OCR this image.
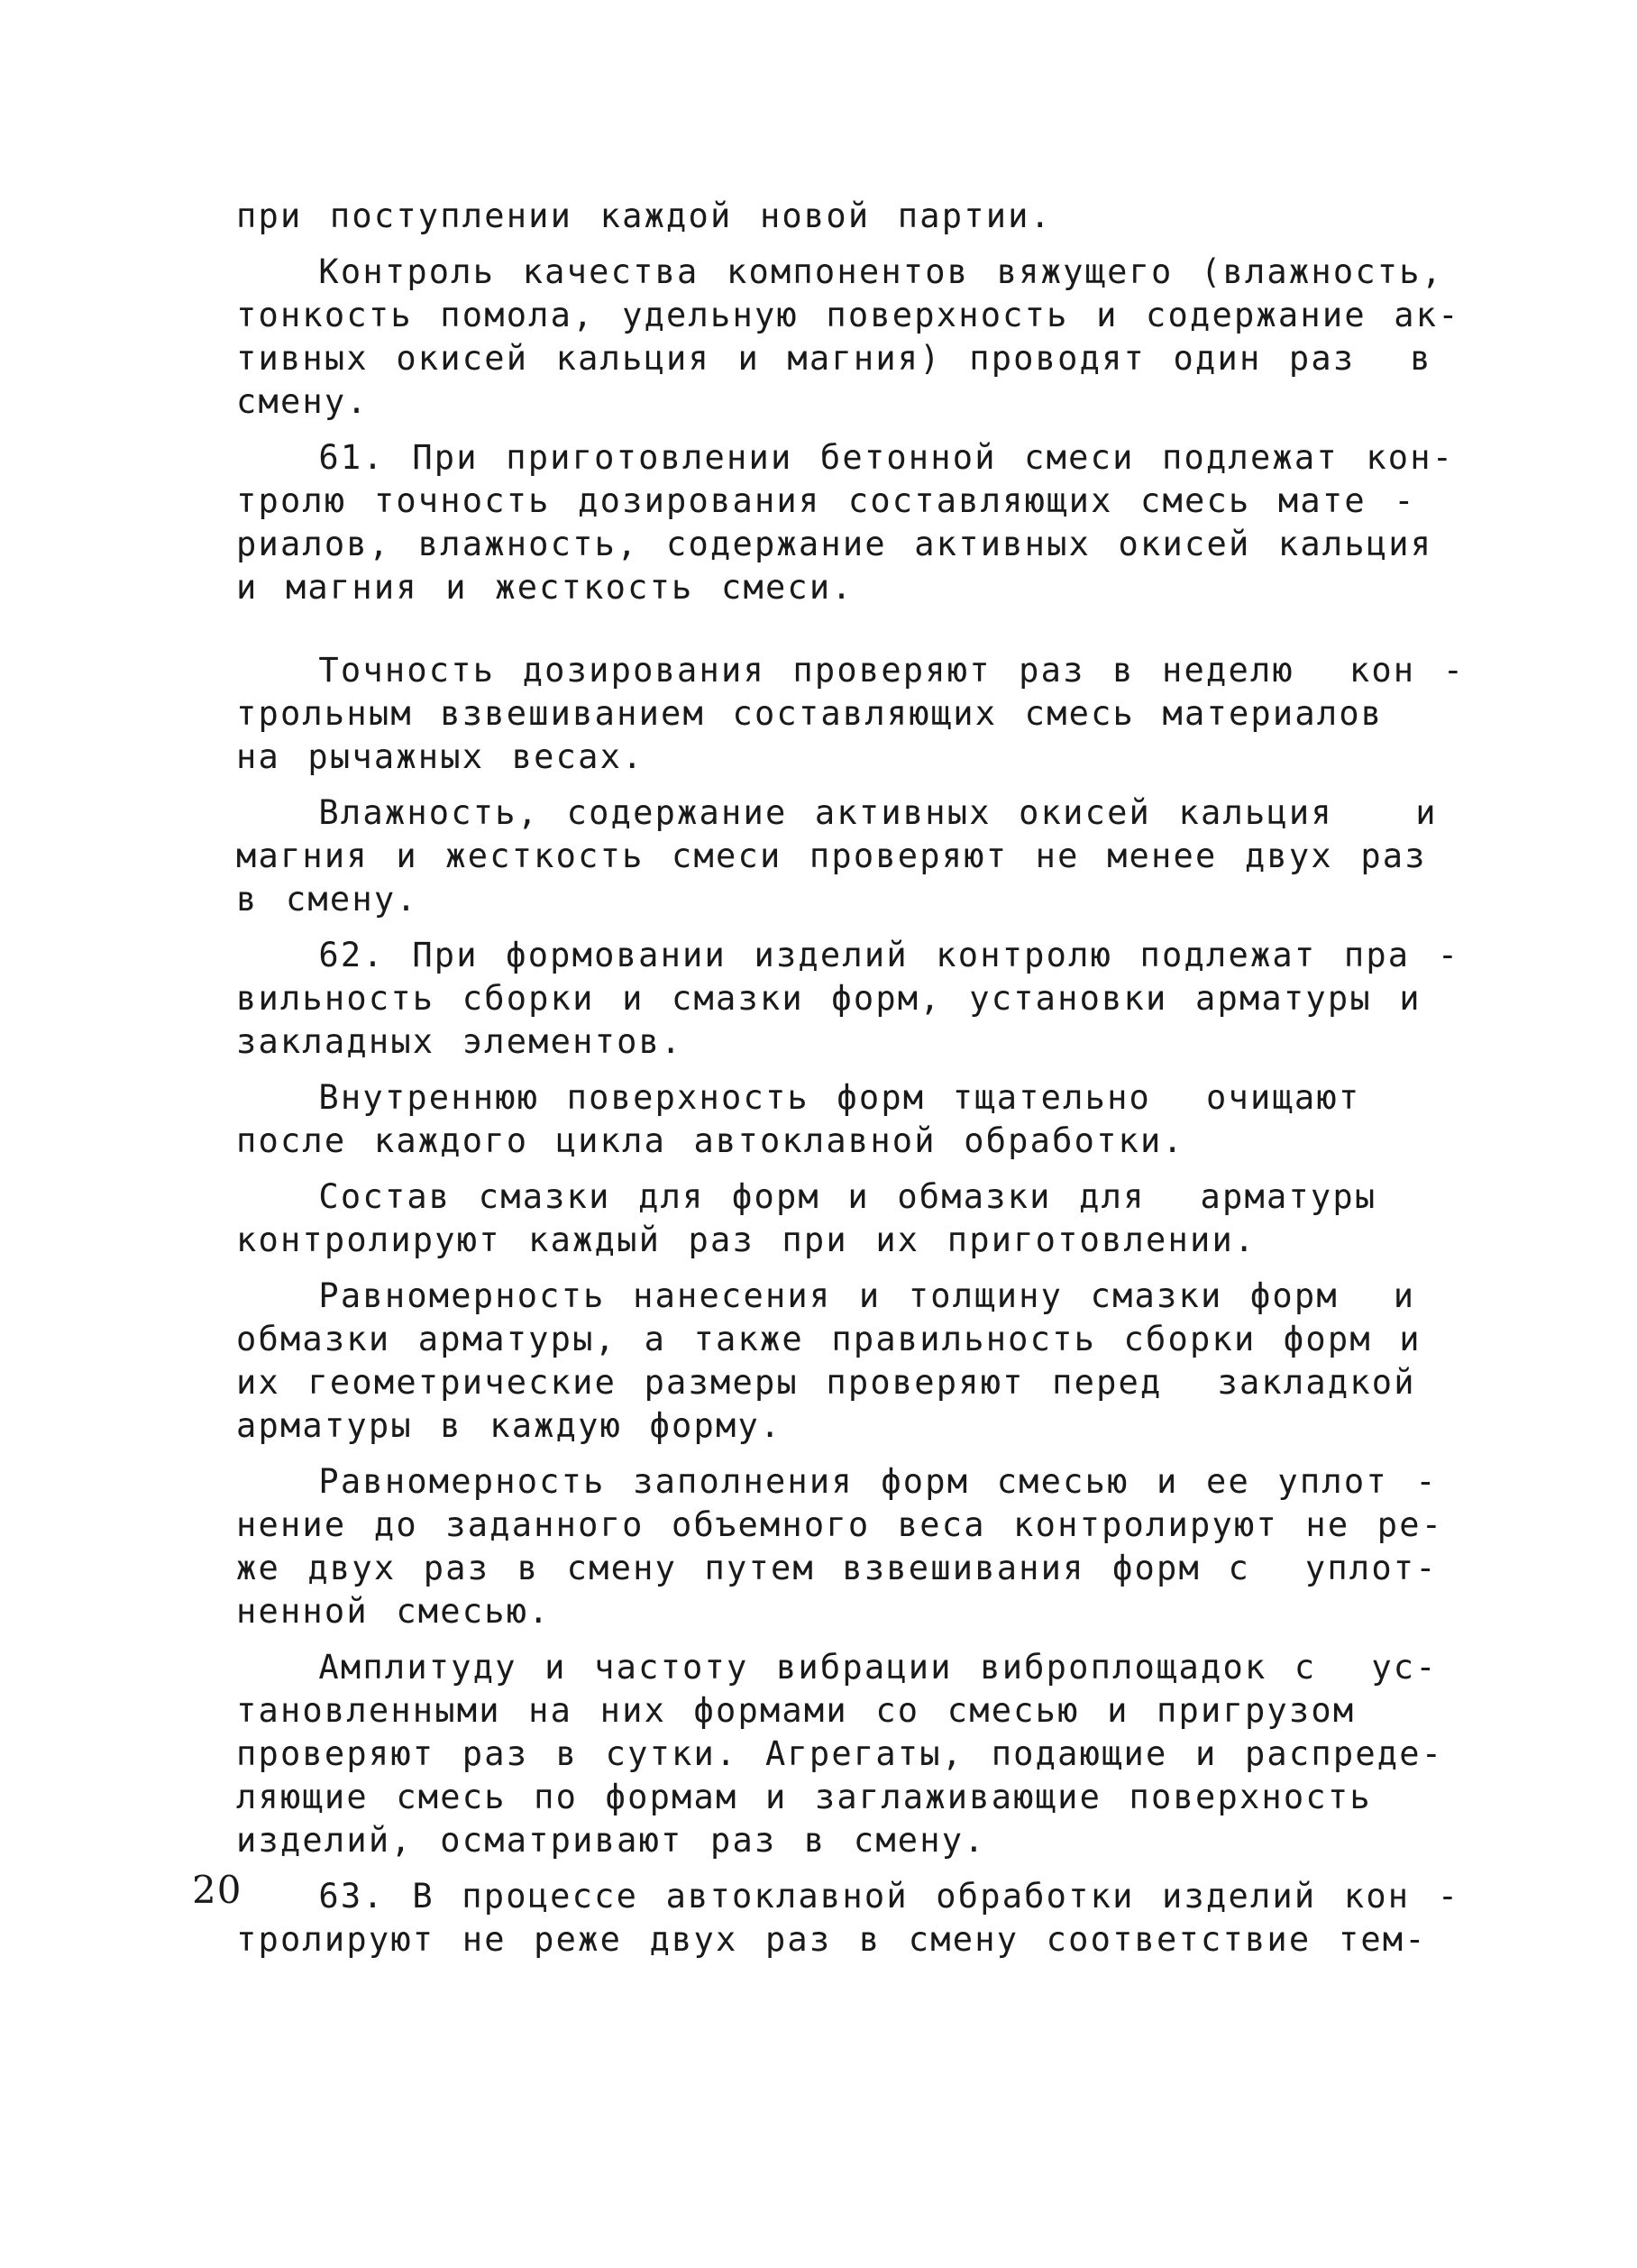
при поступлении каждой новой партии.
Контроль качества компонентов вяжущего (влажность,
тонкость помола, удельную поверхность и содержание ак-
тивных окисей кальция и магния) проводят один раз  в
смену.
61. При приготовлении бетонной смеси подлежат кон-
тролю точность дозирования составляющих смесь мате -
риалов, влажность, содержание активных окисей кальция
и магния и жесткость смеси.
Точность дозирования проверяют раз в неделю  кон -
трольным взвешиванием составляющих смесь материалов
на рычажных весах.
Влажность, содержание активных окисей кальция   и
магния и жесткость смеси проверяют не менее двух раз
в смену.
62. При формовании изделий контролю подлежат пра -
вильность сборки и смазки форм, установки арматуры и
закладных элементов.
Внутреннюю поверхность форм тщательно  очищают
после каждого цикла автоклавной обработки.
Состав смазки для форм и обмазки для  арматуры
контролируют каждый раз при их приготовлении.
Равномерность нанесения и толщину смазки форм  и
обмазки арматуры, а также правильность сборки форм и
их геометрические размеры проверяют перед  закладкой
арматуры в каждую форму.
Равномерность заполнения форм смесью и ее уплот -
нение до заданного объемного веса контролируют не ре-
же двух раз в смену путем взвешивания форм с  уплот-
ненной смесью.
Амплитуду и частоту вибрации виброплощадок с  ус-
тановленными на них формами со смесью и пригрузом
проверяют раз в сутки. Агрегаты, подающие и распреде-
ляющие смесь по формам и заглаживающие поверхность
изделий, осматривают раз в смену.
63. В процессе автоклавной обработки изделий кон -
тролируют не реже двух раз в смену соответствие тем-
20
